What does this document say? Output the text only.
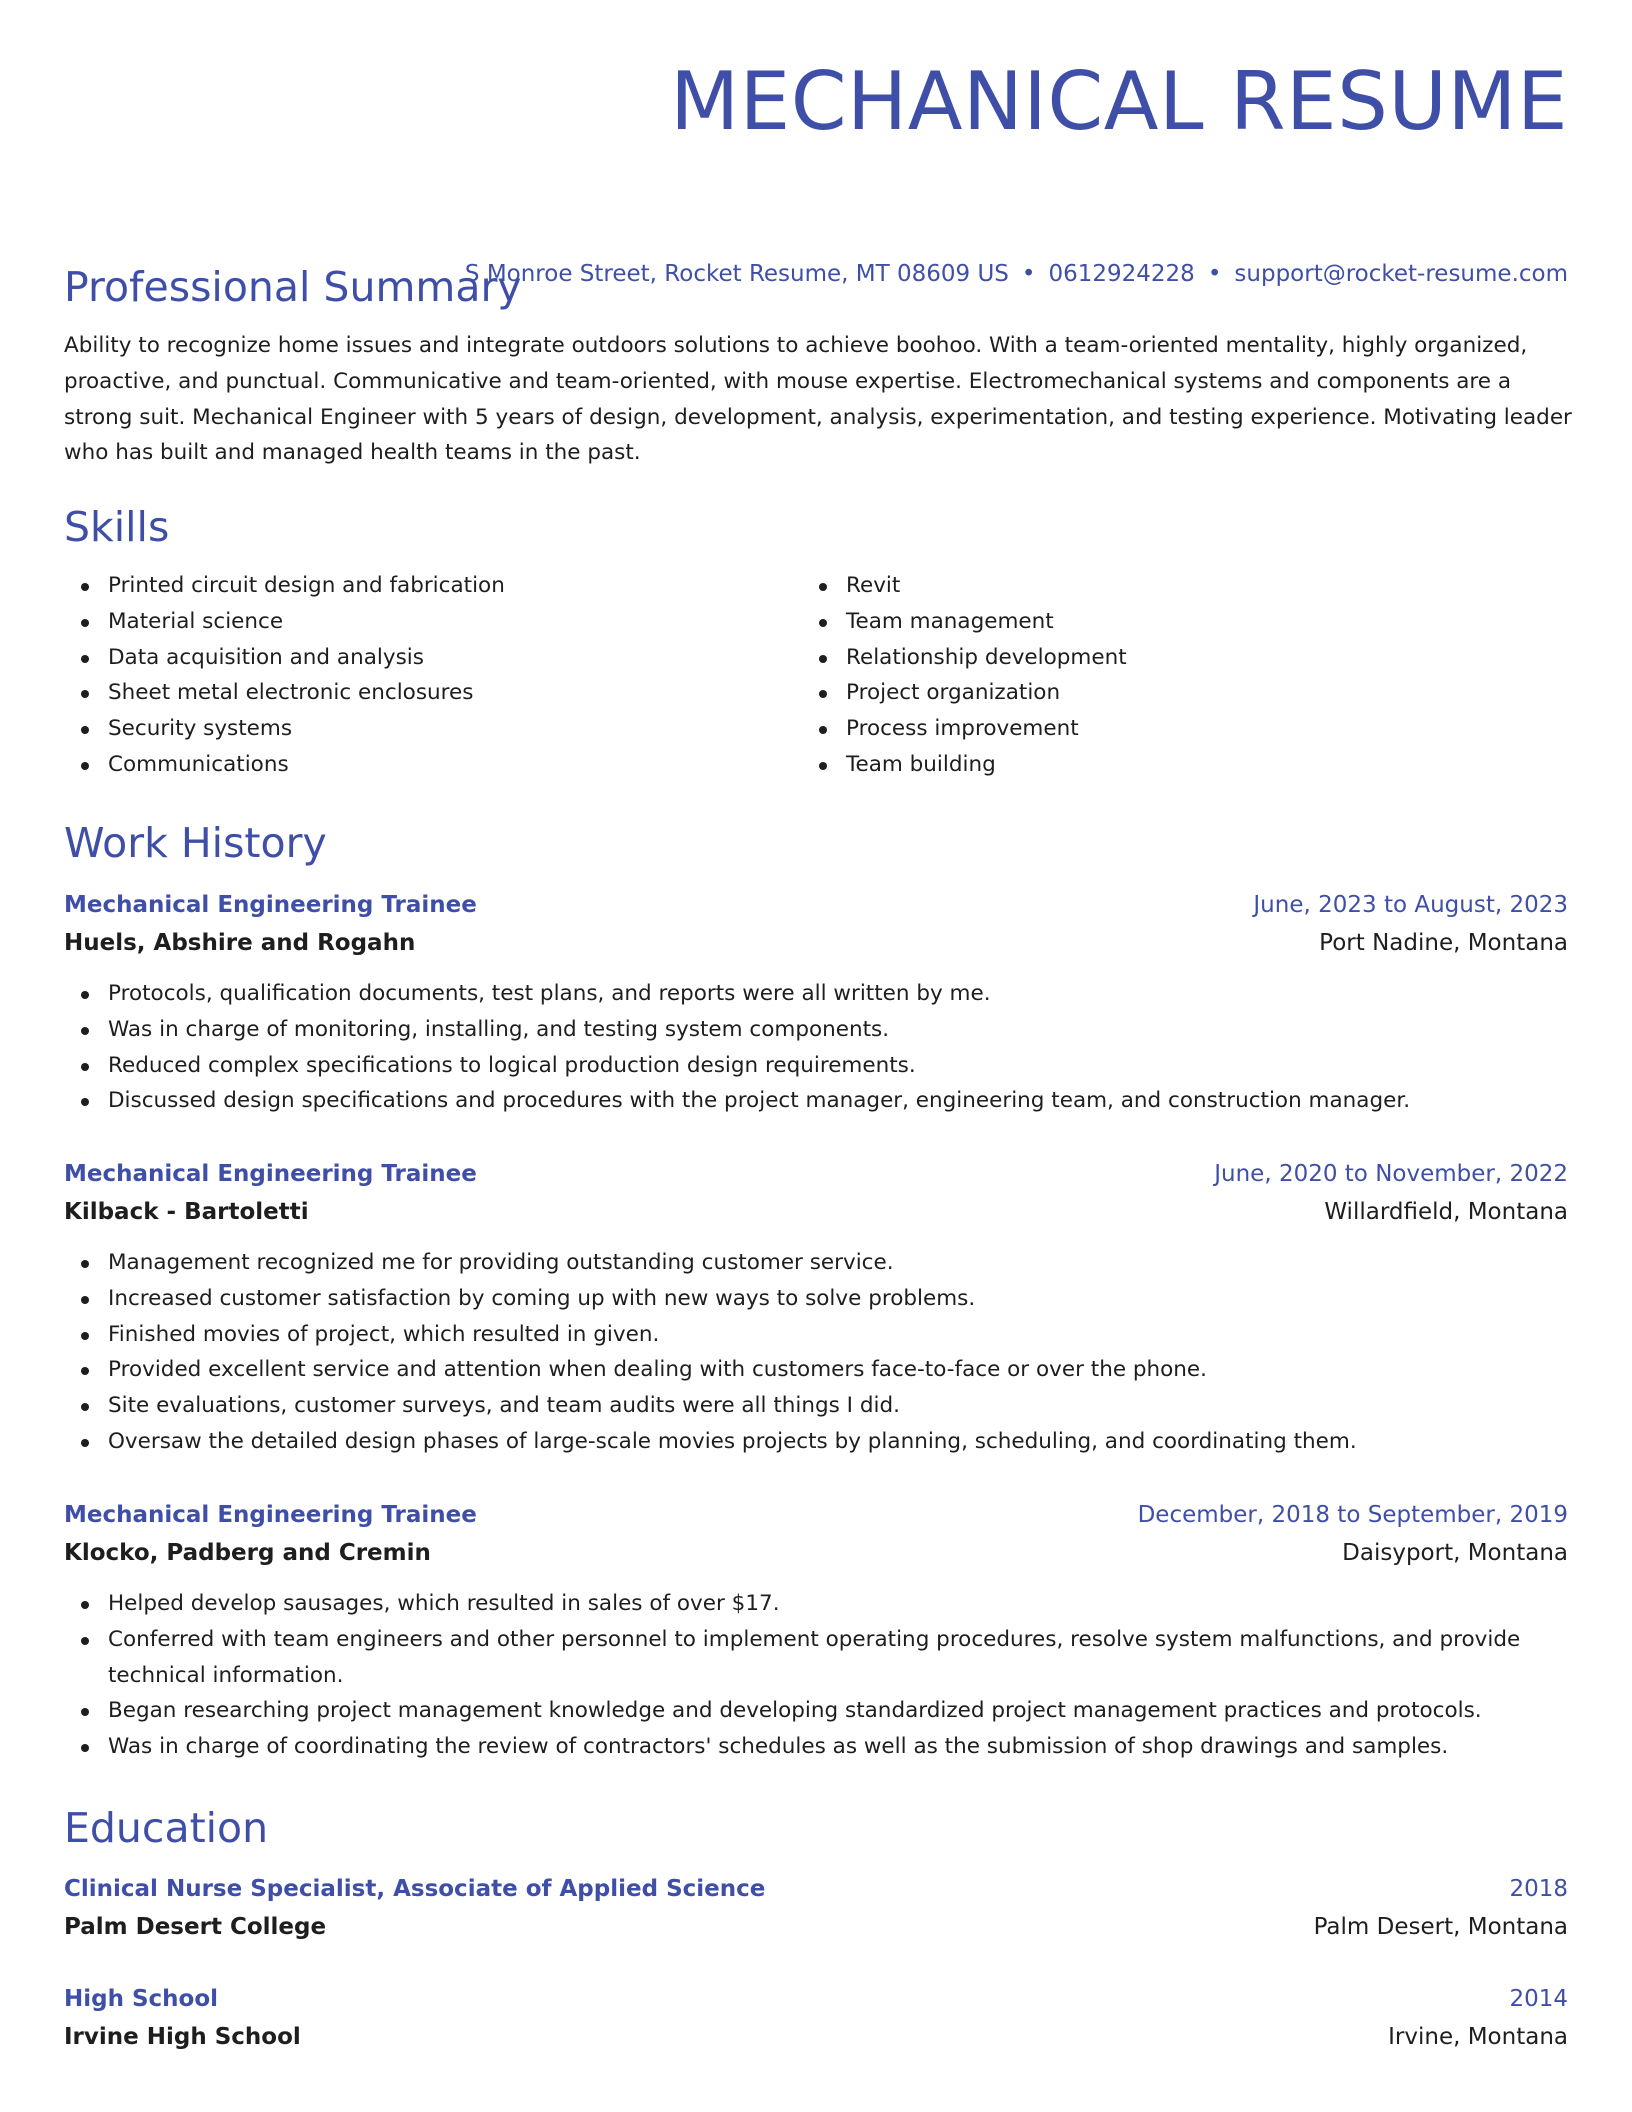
MECHANICAL RESUME
S Monroe Street, Rocket Resume, MT 08609 US • 0612924228 • support@rocket-resume.com
Professional Summary
Ability to recognize home issues and integrate outdoors solutions to achieve boohoo. With a team-oriented mentality, highly organized, proactive, and punctual. Communicative and team-oriented, with mouse expertise. Electromechanical systems and components are a strong suit. Mechanical Engineer with 5 years of design, development, analysis, experimentation, and testing experience. Motivating leader who has built and managed health teams in the past.
Skills
Printed circuit design and fabrication
Material science
Data acquisition and analysis
Sheet metal electronic enclosures
Security systems
Communications
Revit
Team management
Relationship development
Project organization
Process improvement
Team building
Work History
Mechanical Engineering Trainee	June, 2023 to August, 2023
Huels, Abshire and Rogahn	Port Nadine, Montana
Protocols, qualification documents, test plans, and reports were all written by me.
Was in charge of monitoring, installing, and testing system components.
Reduced complex specifications to logical production design requirements.
Discussed design specifications and procedures with the project manager, engineering team, and construction manager.
Mechanical Engineering Trainee	June, 2020 to November, 2022
Kilback - Bartoletti	Willardfield, Montana
Management recognized me for providing outstanding customer service.
Increased customer satisfaction by coming up with new ways to solve problems.
Finished movies of project, which resulted in given.
Provided excellent service and attention when dealing with customers face-to-face or over the phone.
Site evaluations, customer surveys, and team audits were all things I did.
Oversaw the detailed design phases of large-scale movies projects by planning, scheduling, and coordinating them.
Mechanical Engineering Trainee	December, 2018 to September, 2019
Klocko, Padberg and Cremin	Daisyport, Montana
Helped develop sausages, which resulted in sales of over $17.
Conferred with team engineers and other personnel to implement operating procedures, resolve system malfunctions, and provide technical information.
Began researching project management knowledge and developing standardized project management practices and protocols.
Was in charge of coordinating the review of contractors' schedules as well as the submission of shop drawings and samples.
Education
Clinical Nurse Specialist, Associate of Applied Science	2018
Palm Desert College	Palm Desert, Montana
High School	2014
Irvine High School	Irvine, Montana
